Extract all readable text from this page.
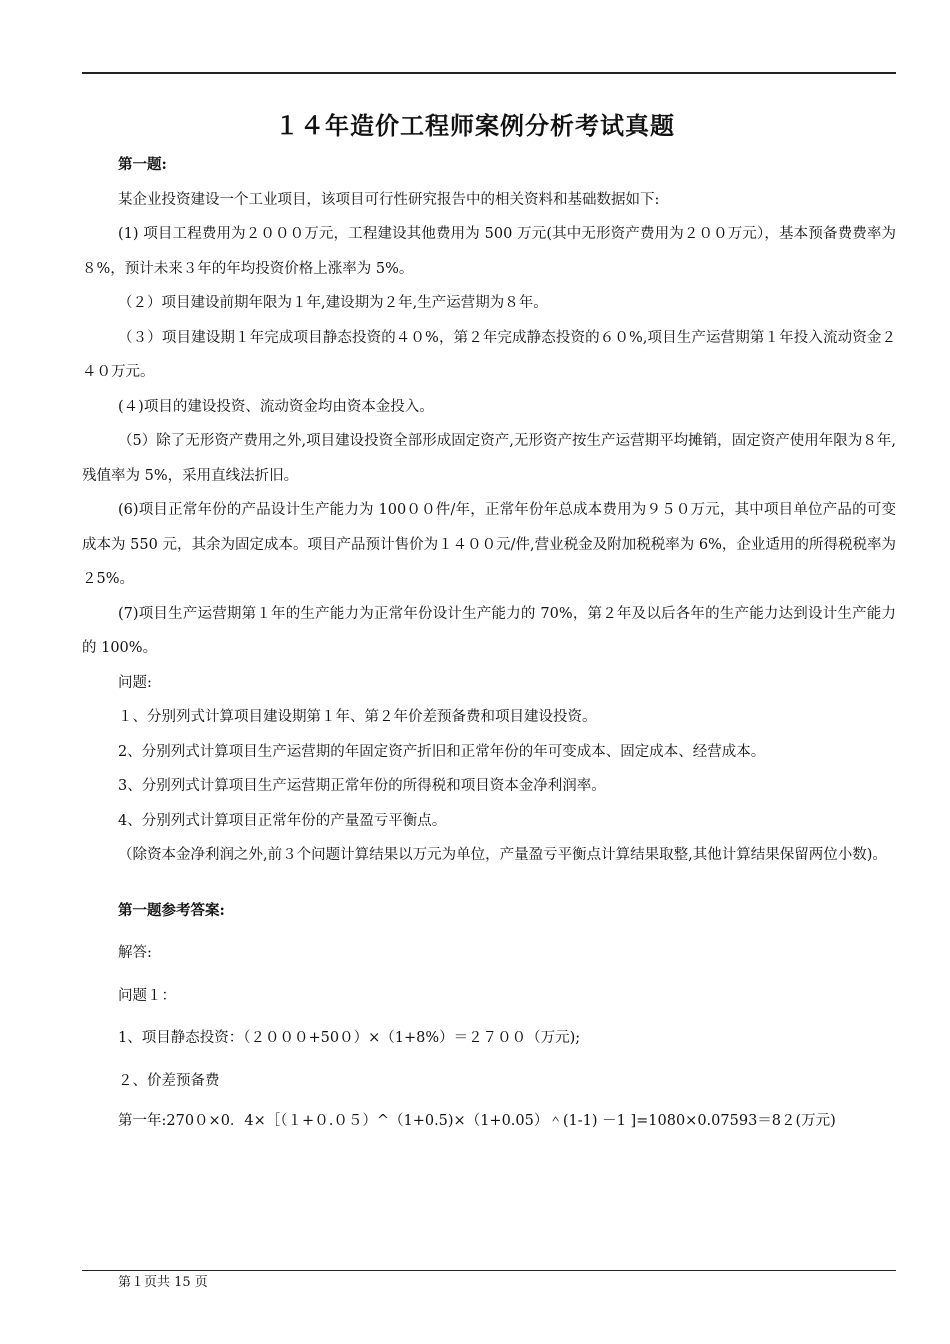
１４年造价工程师案例分析考试真题

第一题:

某企业投资建设一个工业项目，该项目可行性研究报告中的相关资料和基础数据如下:

(1) 项目工程费用为２０００万元，工程建设其他费用为 500 万元(其中无形资产费用为２００万元），基本预备费费率为８%，预计未来３年的年均投资价格上涨率为 5%。

（２）项目建设前期年限为１年,建设期为２年,生产运营期为８年。

（３）项目建设期１年完成项目静态投资的４０%，第２年完成静态投资的６０%,项目生产运营期第１年投入流动资金２４０万元。

(４)项目的建设投资、流动资金均由资本金投入。

（5）除了无形资产费用之外,项目建设投资全部形成固定资产,无形资产按生产运营期平均摊销，固定资产使用年限为８年,残值率为 5%，采用直线法折旧。

(6)项目正常年份的产品设计生产能力为 100００件/年，正常年份年总成本费用为９５０万元，其中项目单位产品的可变成本为 550 元，其余为固定成本。项目产品预计售价为１４００元/件,营业税金及附加税税率为 6%，企业适用的所得税税率为２5%。

(7)项目生产运营期第１年的生产能力为正常年份设计生产能力的 70%，第２年及以后各年的生产能力达到设计生产能力的 100%。

问题:

１、分别列式计算项目建设期第１年、第２年价差预备费和项目建设投资。

2、分别列式计算项目生产运营期的年固定资产折旧和正常年份的年可变成本、固定成本、经营成本。

3、分别列式计算项目生产运营期正常年份的所得税和项目资本金净利润率。

4、分别列式计算项目正常年份的产量盈亏平衡点。

（除资本金净利润之外,前３个问题计算结果以万元为单位，产量盈亏平衡点计算结果取整,其他计算结果保留两位小数)。

第一题参考答案:

解答:

问题１：

1、项目静态投资：（２０００+50０）×（1+8%）＝２７００（万元);

２、价差预备费

第一年:270０×0．4×［（１+０.０５）^（1+0.5)×（1+0.05）＾(1-1) －1 ]=1080×0.07593＝8２(万元)

第１页共 15 页
